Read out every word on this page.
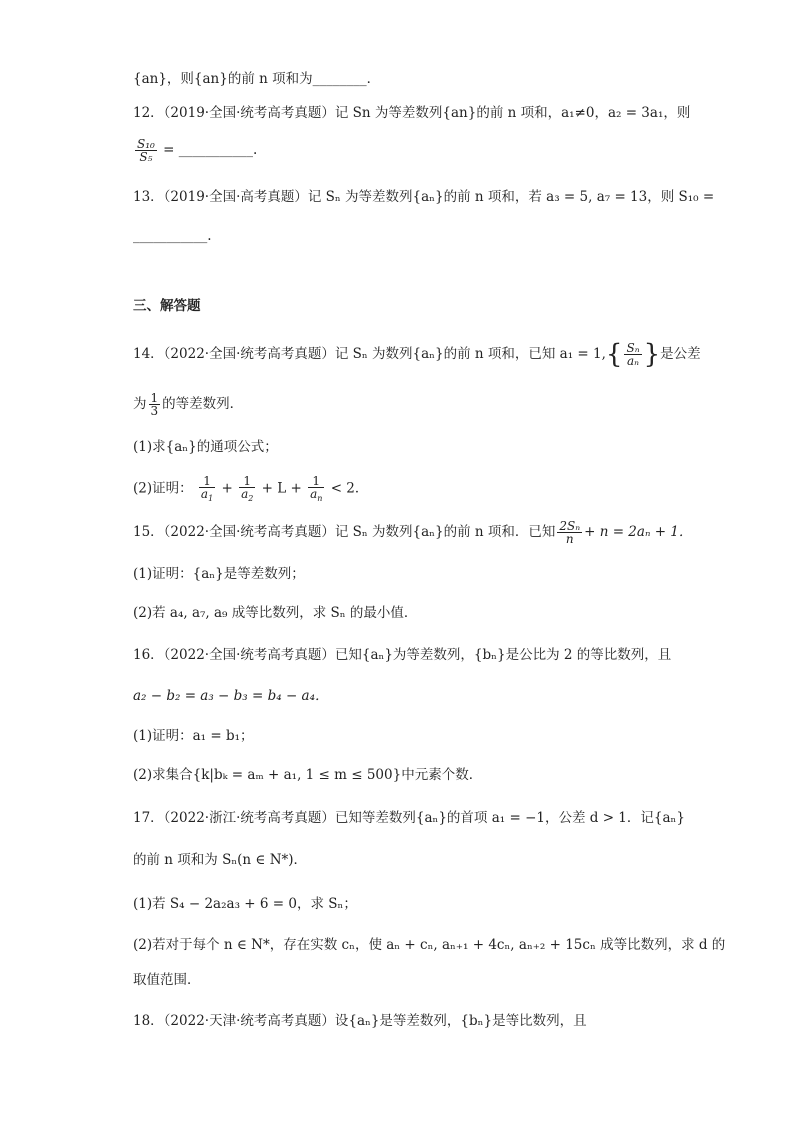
{an}，则{an}的前 n 项和为________．
12．（2019·全国·统考高考真题）记 Sn 为等差数列{an}的前 n 项和，a₁≠0，a₂ = 3a₁，则
$\frac{\text{S₁₀}}{\text{S₅}}$ = ___________.
13．（2019·全国·高考真题）记 Sₙ 为等差数列{aₙ}的前 n 项和，若 a₃ = 5, a₇ = 13，则 S₁₀ =
___________.
三、解答题
14．（2022·全国·统考高考真题）记 Sₙ 为数列{aₙ}的前 n 项和，已知 $a_1 = 1,\{ \frac{\text{Sₙ}}{\text{aₙ}}$ }是公差
为 $\frac{1}{3}$ 的等差数列．
(1)求{aₙ}的通项公式；
(2)证明： $\frac{1}{a_1} + \frac{1}{a_2} + L + \frac{1}{a_n} < 2$．
15．（2022·全国·统考高考真题）记 Sₙ 为数列{aₙ}的前 n 项和．已知 $\frac{\text{2Sₙ}}{n} + n = 2a_n + 1$．
(1)证明：{aₙ}是等差数列；
(2)若 a₄, a₇, a₉ 成等比数列，求 Sₙ 的最小值．
16．（2022·全国·统考高考真题）已知{aₙ}为等差数列，{bₙ}是公比为 2 的等比数列，且
a₂ − b₂ = a₃ − b₃ = b₄ − a₄．
(1)证明：a₁ = b₁；
(2)求集合{k|bₖ = aₘ + a₁, 1 ≤ m ≤ 500}中元素个数．
17．（2022·浙江·统考高考真题）已知等差数列{aₙ}的首项 a₁ = −1，公差 d > 1．记{aₙ}
的前 n 项和为 Sₙ(n ∈ N*)．
(1)若 S₄ − 2a₂a₃ + 6 = 0，求 Sₙ；
(2)若对于每个 n ∈ N*，存在实数 cₙ，使 aₙ + cₙ, aₙ₊₁ + 4cₙ, aₙ₊₂ + 15cₙ 成等比数列，求 d 的
取值范围．
18．（2022·天津·统考高考真题）设{aₙ}是等差数列，{bₙ}是等比数列，且
